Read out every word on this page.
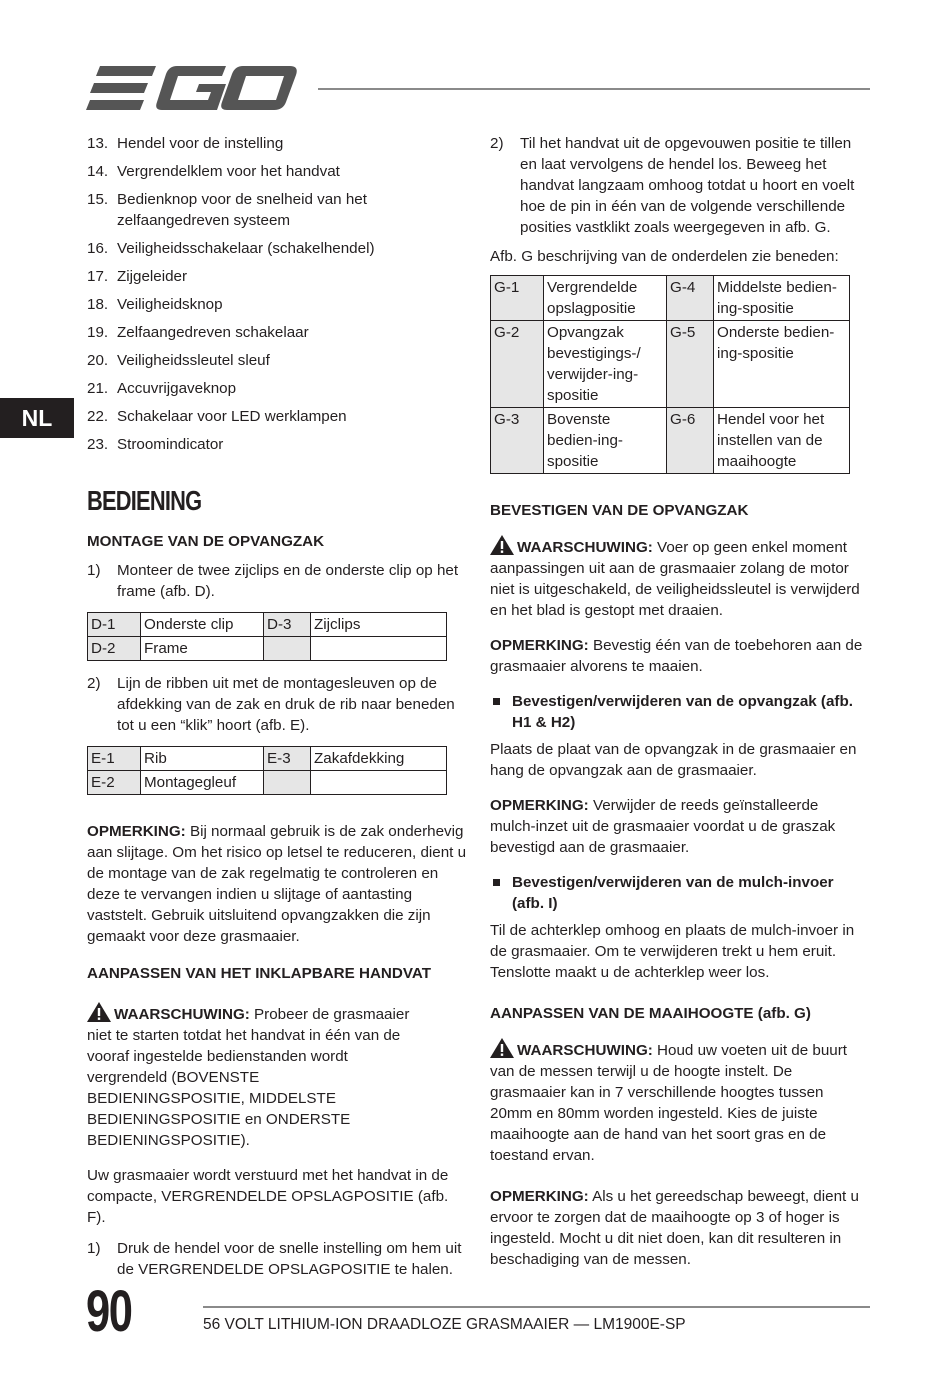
EGO
NL
13. Hendel voor de instelling
14. Vergrendelklem voor het handvat
15. Bedienknop voor de snelheid van het zelfaangedreven systeem
16. Veiligheidsschakelaar (schakelhendel)
17. Zijgeleider
18. Veiligheidsknop
19. Zelfaangedreven schakelaar
20. Veiligheidssleutel sleuf
21. Accuvrijgaveknop
22. Schakelaar voor LED werklampen
23. Stroomindicator
BEDIENING
MONTAGE VAN DE OPVANGZAK
1)	Monteer de twee zijclips en de onderste clip op het frame (afb. D).
D-1	Onderste clip	D-3	Zijclips
D-2	Frame		
2)	Lijn de ribben uit met de montagesleuven op de afdekking van de zak en druk de rib naar beneden tot u een “klik” hoort (afb. E).
E-1	Rib	E-3	Zakafdekking
E-2	Montagegleuf		

OPMERKING: Bij normaal gebruik is de zak onderhevig aan slijtage. Om het risico op letsel te reduceren, dient u de montage van de zak regelmatig te controleren en deze te vervangen indien u slijtage of aantasting vaststelt. Gebruik uitsluitend opvangzakken die zijn gemaakt voor deze grasmaaier.

AANPASSEN VAN HET INKLAPBARE HANDVAT

WAARSCHUWING: Probeer de grasmaaier niet te starten totdat het handvat in één van de vooraf ingestelde bedienstanden wordt vergrendeld (BOVENSTE BEDIENINGSPOSITIE, MIDDELSTE BEDIENINGSPOSITIE en ONDERSTE BEDIENINGSPOSITIE).

Uw grasmaaier wordt verstuurd met het handvat in de compacte, VERGRENDELDE OPSLAGPOSITIE (afb. F).

1)	Druk de hendel voor de snelle instelling om hem uit de VERGRENDELDE OPSLAGPOSITIE te halen.
2)	Til het handvat uit de opgevouwen positie te tillen en laat vervolgens de hendel los. Beweeg het handvat langzaam omhoog totdat u hoort en voelt hoe de pin in één van de volgende verschillende posities vastklikt zoals weergegeven in afb. G.

Afb. G beschrijving van de onderdelen zie beneden:

G-1	Vergrendelde opslagpositie	G-4	Middelste bedien-ing-spositie
G-2	Opvangzak bevestigings-/ verwijder-ing-spositie	G-5	Onderste bedien-ing-spositie
G-3	Bovenste bedien-ing-spositie	G-6	Hendel voor het instellen van de maaihoogte
BEVESTIGEN VAN DE OPVANGZAK

WAARSCHUWING: Voer op geen enkel moment aanpassingen uit aan de grasmaaier zolang de motor niet is uitgeschakeld, de veiligheidssleutel is verwijderd en het blad is gestopt met draaien.

OPMERKING: Bevestig één van de toebehoren aan de grasmaaier alvorens te maaien.

Bevestigen/verwijderen van de opvangzak (afb. H1 & H2)

Plaats de plaat van de opvangzak in de grasmaaier en hang de opvangzak aan de grasmaaier.

OPMERKING: Verwijder de reeds geïnstalleerde mulch-inzet uit de grasmaaier voordat u de graszak bevestigd aan de grasmaaier.

Bevestigen/verwijderen van de mulch-invoer (afb. I)

Til de achterklep omhoog en plaats de mulch-invoer in de grasmaaier. Om te verwijderen trekt u hem eruit. Tenslotte maakt u de achterklep weer los.

AANPASSEN VAN DE MAAIHOOGTE (afb. G)

WAARSCHUWING: Houd uw voeten uit de buurt van de messen terwijl u de hoogte instelt. De grasmaaier kan in 7 verschillende hoogtes tussen 20mm en 80mm worden ingesteld. Kies de juiste maaihoogte aan de hand van het soort gras en de toestand ervan.

OPMERKING: Als u het gereedschap beweegt, dient u ervoor te zorgen dat de maaihoogte op 3 of hoger is ingesteld. Mocht u dit niet doen, kan dit resulteren in beschadiging van de messen.

90	56 VOLT LITHIUM-ION DRAADLOZE GRASMAAIER — LM1900E-SP
